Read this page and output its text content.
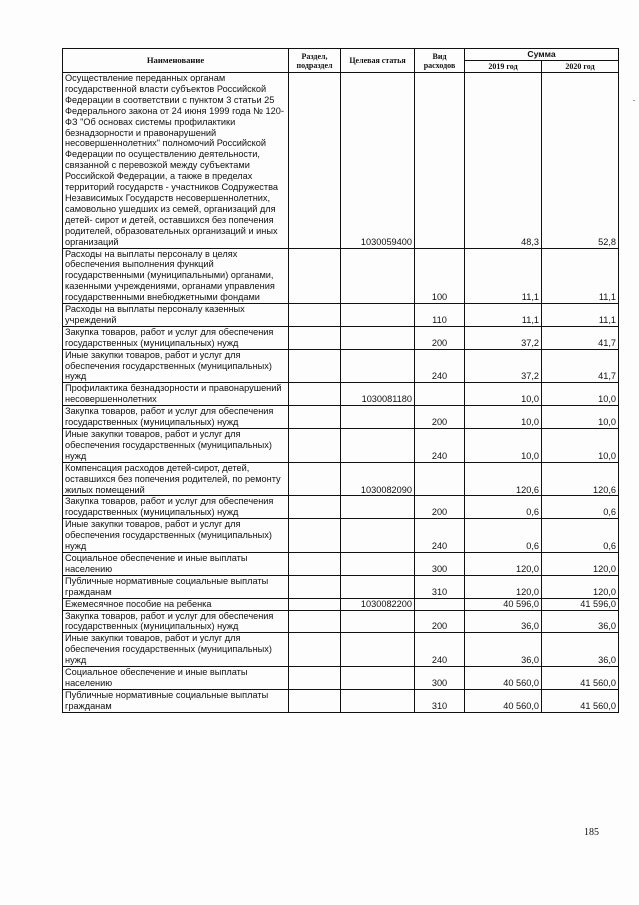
Наименование	Раздел, подраздел	Целевая статья	Вид расходов	Сумма	
				2019 год	2020 год
Осуществление переданных органам государственной власти субъектов Российской Федерации в соответствии с пунктом 3 статьи 25 Федерального закона от 24 июня 1999 года № 120-ФЗ "Об основах системы профилактики безнадзорности и правонарушений несовершеннолетних" полномочий Российской Федерации по осуществлению деятельности, связанной с перевозкой между субъектами Российской Федерации, а также в пределах территорий государств - участников Содружества Независимых Государств несовершеннолетних, самовольно ушедших из семей, организаций для детей- сирот и детей, оставшихся без попечения родителей, образовательных организаций и иных организаций		1030059400		48,3	52,8
Расходы на выплаты персоналу в целях обеспечения выполнения функций государственными (муниципальными) органами, казенными учреждениями, органами управления государственными внебюджетными фондами			100	11,1	11,1
Расходы на выплаты персоналу казенных учреждений			110	11,1	11,1
Закупка товаров, работ и услуг для обеспечения государственных (муниципальных) нужд			200	37,2	41,7
Иные закупки товаров, работ и услуг для обеспечения государственных (муниципальных) нужд			240	37,2	41,7
Профилактика безнадзорности и правонарушений несовершеннолетних		1030081180		10,0	10,0
Закупка товаров, работ и услуг для обеспечения государственных (муниципальных) нужд			200	10,0	10,0
Иные закупки товаров, работ и услуг для обеспечения государственных (муниципальных) нужд			240	10,0	10,0
Компенсация расходов детей-сирот, детей, оставшихся без попечения родителей, по ремонту жилых помещений		1030082090		120,6	120,6
Закупка товаров, работ и услуг для обеспечения государственных (муниципальных) нужд			200	0,6	0,6
Иные закупки товаров, работ и услуг для обеспечения государственных (муниципальных) нужд			240	0,6	0,6
Социальное обеспечение и иные выплаты населению			300	120,0	120,0
Публичные нормативные социальные выплаты гражданам			310	120,0	120,0
Ежемесячное пособие на ребенка		1030082200		40 596,0	41 596,0
Закупка товаров, работ и услуг для обеспечения государственных (муниципальных) нужд			200	36,0	36,0
Иные закупки товаров, работ и услуг для обеспечения государственных (муниципальных) нужд			240	36,0	36,0
Социальное обеспечение и иные выплаты населению			300	40 560,0	41 560,0
Публичные нормативные социальные выплаты гражданам			310	40 560,0	41 560,0
185
